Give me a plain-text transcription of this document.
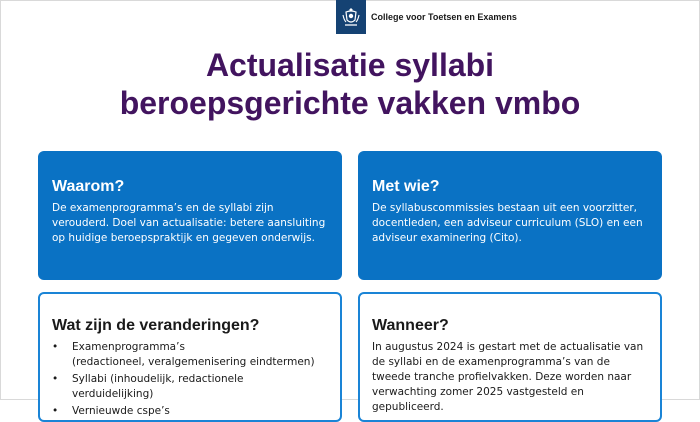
College voor Toetsen en Examens
Actualisatie syllabi
beroepsgerichte vakken vmbo
Waarom?

De examenprogramma’s en de syllabi zijn verouderd. Doel van actualisatie: betere aansluiting op huidige beroepspraktijk en gegeven onderwijs.

Met wie?

De syllabuscommissies bestaan uit een voorzitter, docentleden, een adviseur curriculum (SLO) en een adviseur examinering (Cito).

Wat zijn de veranderingen?
• Examenprogramma’s
(redactioneel, veralgemenisering eindtermen)
• Syllabi (inhoudelijk, redactionele verduidelijking)
• Vernieuwde cspe’s
Wanneer?

In augustus 2024 is gestart met de actualisatie van de syllabi en de examenprogramma’s van de tweede tranche profielvakken. Deze worden naar verwachting zomer 2025 vastgesteld en gepubliceerd.
